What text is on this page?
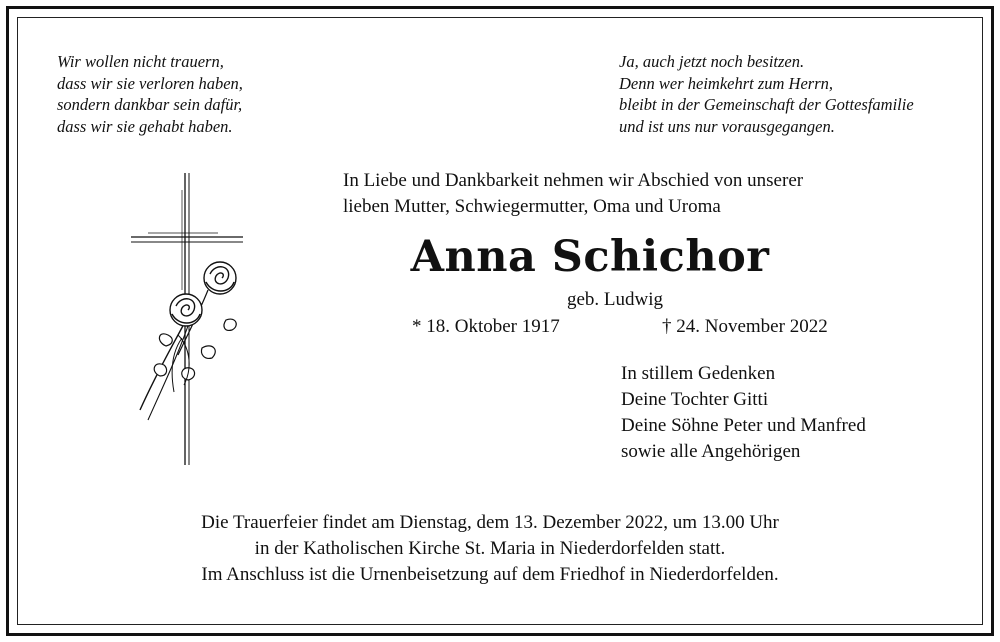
Wir wollen nicht trauern,
dass wir sie verloren haben,
sondern dankbar sein dafür,
dass wir sie gehabt haben.
Ja, auch jetzt noch besitzen.
Denn wer heimkehrt zum Herrn,
bleibt in der Gemeinschaft der Gottesfamilie
und ist uns nur vorausgegangen.
In Liebe und Dankbarkeit nehmen wir Abschied von unserer
lieben Mutter, Schwiegermutter, Oma und Uroma
Anna Schichor
geb. Ludwig
* 18. Oktober 1917	† 24. November 2022
In stillem Gedenken
Deine Tochter Gitti
Deine Söhne Peter und Manfred
sowie alle Angehörigen
Die Trauerfeier findet am Dienstag, dem 13. Dezember 2022, um 13.00 Uhr
in der Katholischen Kirche St. Maria in Niederdorfelden statt.
Im Anschluss ist die Urnenbeisetzung auf dem Friedhof in Niederdorfelden.
